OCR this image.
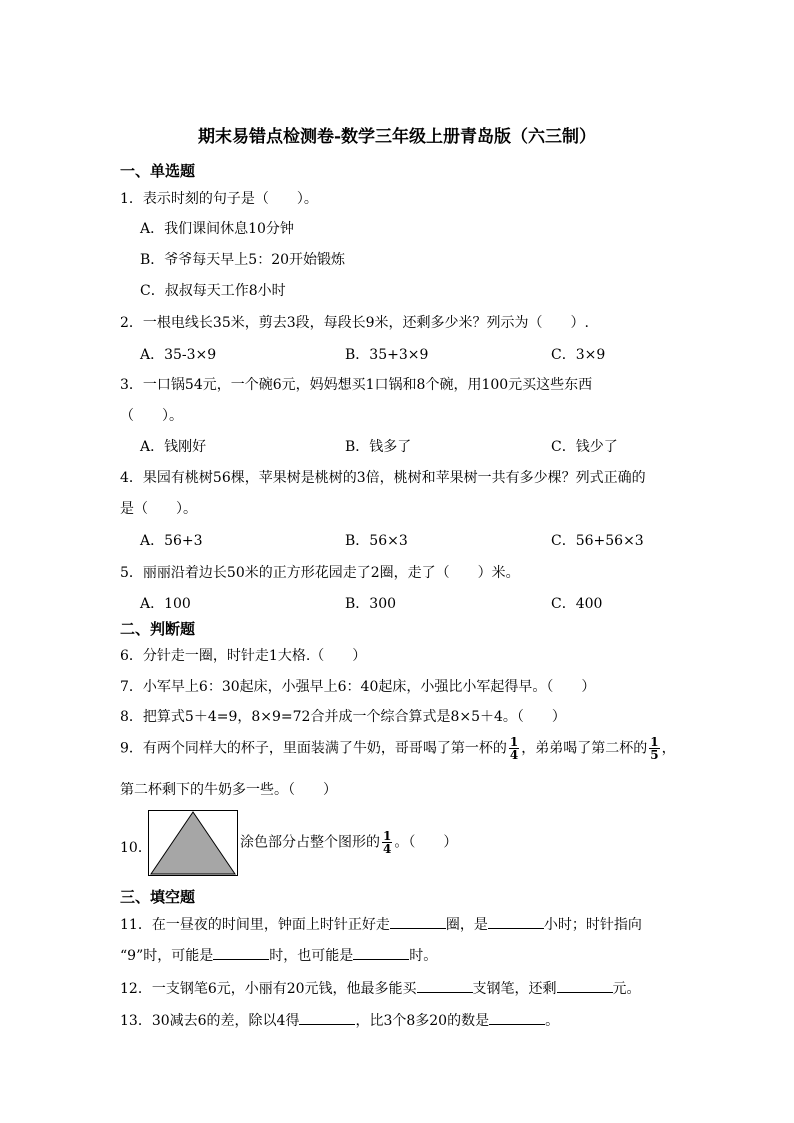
期末易错点检测卷-数学三年级上册青岛版（六三制）
一、单选题
1．表示时刻的句子是（　　）。
A．我们课间休息10分钟
B．爷爷每天早上5：20开始锻炼
C．叔叔每天工作8小时
2．一根电线长35米，剪去3段，每段长9米，还剩多少米？列示为（　　）.
A．35-3×9	B．35+3×9	C．3×9
3．一口锅54元，一个碗6元，妈妈想买1口锅和8个碗，用100元买这些东西
（　　）。
A．钱刚好	B．钱多了	C．钱少了
4．果园有桃树56棵，苹果树是桃树的3倍，桃树和苹果树一共有多少棵？列式正确的
是（　　）。
A．56+3	B．56×3	C．56+56×3
5．丽丽沿着边长50米的正方形花园走了2圈，走了（　　）米。
A．100	B．300	C．400
二、判断题
6．分针走一圈，时针走1大格.（　　）
7．小军早上6：30起床，小强早上6：40起床，小强比小军起得早。（　　）
8．把算式5＋4=9，8×9=72合并成一个综合算式是8×5＋4。（　　）
9．有两个同样大的杯子，里面装满了牛奶，哥哥喝了第一杯的 $\frac{1}{4}$ ，弟弟喝了第二杯的 $\frac{1}{5}$ ，
第二杯剩下的牛奶多一些。（　　）
10．	涂色部分占整个图形的 $\frac{1}{4}$ 。（　　）
三、填空题
11．在一昼夜的时间里，钟面上时针正好走	圈，是	小时；时针指向
“9”时，可能是	时，也可能是	时。
12．一支钢笔6元，小丽有20元钱，他最多能买	支钢笔，还剩	元。
13．30减去6的差，除以4得	，比3个8多20的数是	。
